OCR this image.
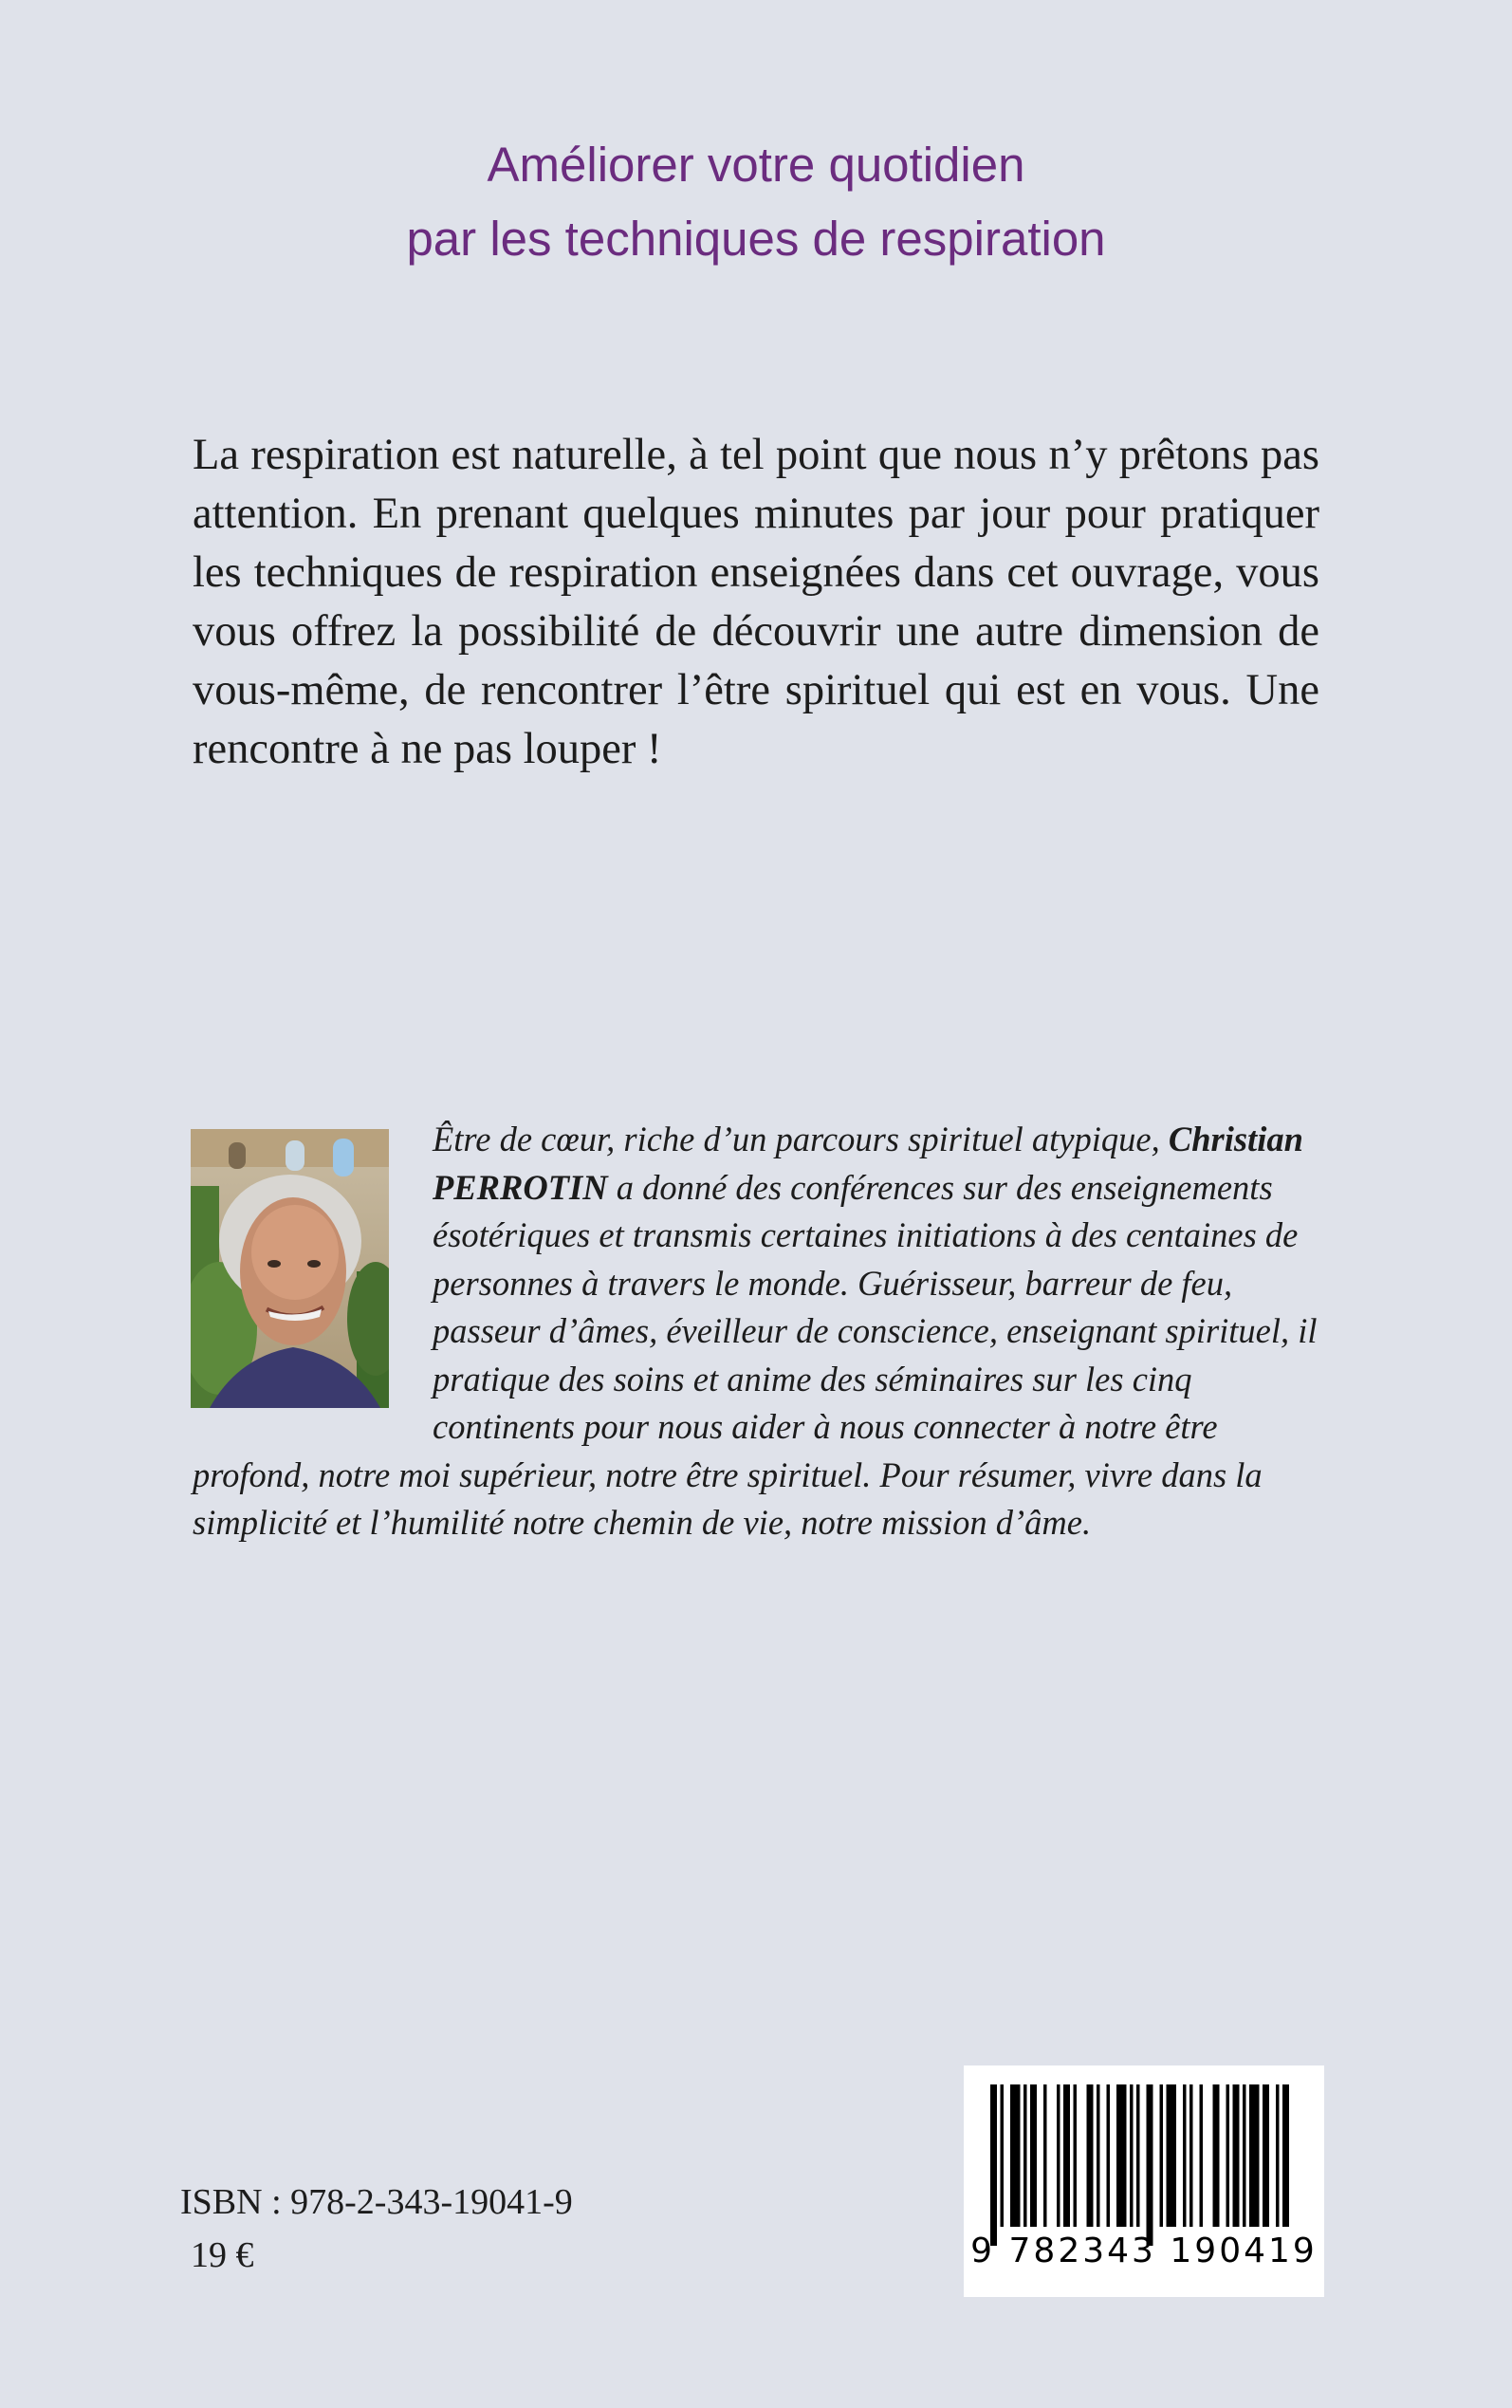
Améliorer votre quotidien
par les techniques de respiration

La respiration est naturelle, à tel point que nous n’y prêtons pas attention. En prenant quelques minutes par jour pour pratiquer les techniques de respiration enseignées dans cet ouvrage, vous vous offrez la possibilité de découvrir une autre dimension de vous-même, de rencontrer l’être spirituel qui est en vous. Une rencontre à ne pas louper !

Être de cœur, riche d’un parcours spirituel atypique, Christian PERROTIN a donné des conférences sur des enseignements ésotériques et transmis certaines initiations à des centaines de personnes à travers le monde. Guérisseur, barreur de feu, passeur d’âmes, éveilleur de conscience, enseignant spirituel, il pratique des soins et anime des séminaires sur les cinq continents pour nous aider à nous connecter à notre être profond, notre moi supérieur, notre être spirituel. Pour résumer, vivre dans la simplicité et l’humilité notre chemin de vie, notre mission d’âme.

9 782343 190419
ISBN : 978-2-343-19041-9
19 €
